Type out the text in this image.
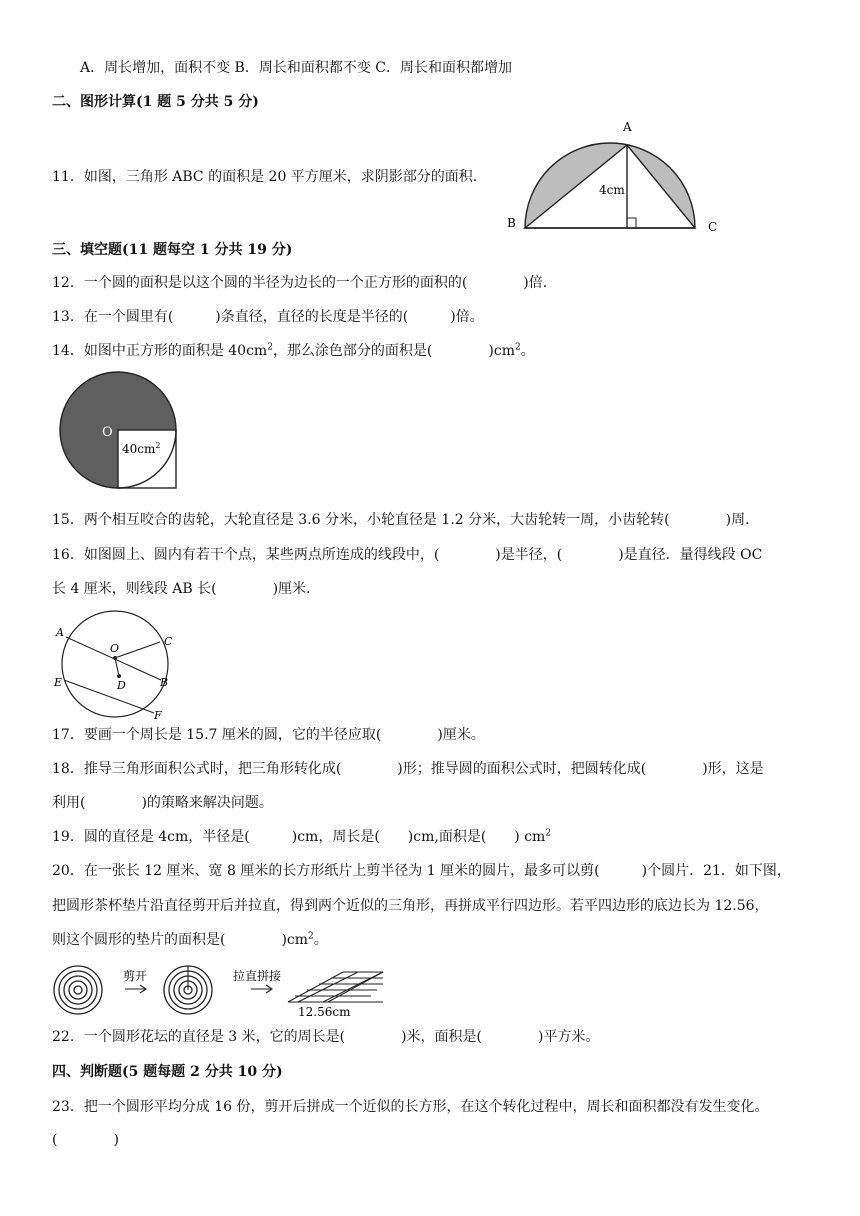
A．周长增加，面积不变 B．周长和面积都不变 C．周长和面积都增加
二、图形计算(1 题 5 分共 5 分)
11．如图，三角形 ABC 的面积是 20 平方厘米，求阴影部分的面积.
A
B	C
4cm
三、填空题(11 题每空 1 分共 19 分)
12．一个圆的面积是以这个圆的半径为边长的一个正方形的面积的(　　　　)倍.
13．在一个圆里有(　　　)条直径，直径的长度是半径的(　　　)倍。
14．如图中正方形的面积是 $40cm^2$，那么涂色部分的面积是(　　　　)$cm^2$。
O
$40cm^2$
15．两个相互咬合的齿轮，大轮直径是 3.6 分米，小轮直径是 1.2 分米，大齿轮转一周，小齿轮转(　　　　)周.
16．如图圆上、圆内有若干个点，某些两点所连成的线段中，(　　　　)是半径，(　　　　)是直径．量得线段 OC
长 4 厘米，则线段 AB 长(　　　　)厘米.
A
C
O
D
E	B
F
17．要画一个周长是 15.7 厘米的圆，它的半径应取(　　　　)厘米。
18．推导三角形面积公式时，把三角形转化成(　　　　)形；推导圆的面积公式时，把圆转化成(　　　　)形，这是
利用(　　　　)的策略来解决问题。
19．圆的直径是 4cm，半径是(　　　)cm，周长是(　　)cm,面积是(　　) $cm^2$
20．在一张长 12 厘米、宽 8 厘米的长方形纸片上剪半径为 1 厘米的圆片，最多可以剪(　　　)个圆片．21．如下图，
把圆形茶杯垫片沿直径剪开后并拉直，得到两个近似的三角形，再拼成平行四边形。若平四边形的底边长为 12.56，
则这个圆形的垫片的面积是(　　　　)$cm^2$。
剪开	拉直拼接
12.56cm
22．一个圆形花坛的直径是 3 米，它的周长是(　　　　)米，面积是(　　　　)平方米。
四、判断题(5 题每题 2 分共 10 分)
23．把一个圆形平均分成 16 份，剪开后拼成一个近似的长方形，在这个转化过程中，周长和面积都没有发生变化。
(　　　　)
